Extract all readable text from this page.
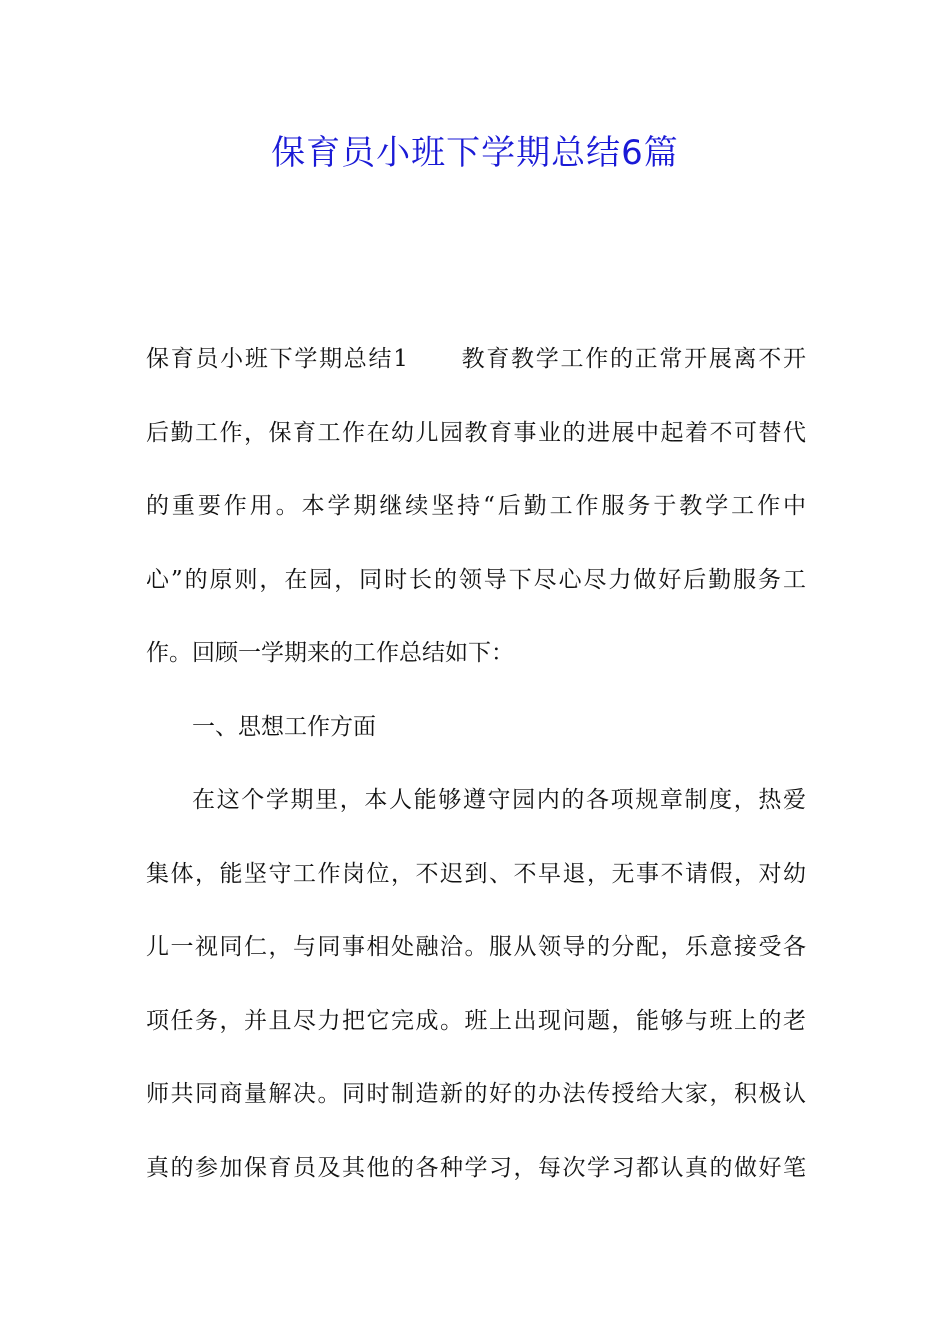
保育员小班下学期总结6篇
保育员小班下学期总结1 教育教学工作的正常开展离不开
后勤工作，保育工作在幼儿园教育事业的进展中起着不可替代
的重要作用。本学期继续坚持“后勤工作服务于教学工作中
心”的原则，在园，同时长的领导下尽心尽力做好后勤服务工
作。回顾一学期来的工作总结如下：
一、思想工作方面
在这个学期里，本人能够遵守园内的各项规章制度，热爱
集体，能坚守工作岗位，不迟到、不早退，无事不请假，对幼
儿一视同仁，与同事相处融洽。服从领导的分配，乐意接受各
项任务，并且尽力把它完成。班上出现问题，能够与班上的老
师共同商量解决。同时制造新的好的办法传授给大家，积极认
真的参加保育员及其他的各种学习，每次学习都认真的做好笔
